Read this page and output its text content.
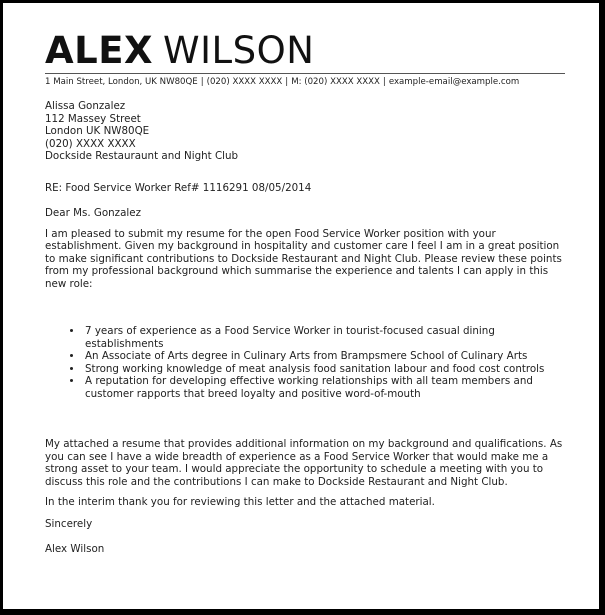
ALEX WILSON
1 Main Street, London, UK NW80QE | (020) XXXX XXXX | M: (020) XXXX XXXX | example-email@example.com
Alissa Gonzalez
112 Massey Street
London UK NW80QE
(020) XXXX XXXX
Dockside Restauraunt and Night Club
RE: Food Service Worker Ref# 1116291 08/05/2014
Dear Ms. Gonzalez
I am pleased to submit my resume for the open Food Service Worker position with your establishment. Given my background in hospitality and customer care I feel I am in a great position to make significant contributions to Dockside Restaurant and Night Club. Please review these points from my professional background which summarise the experience and talents I can apply in this new role:
• 7 years of experience as a Food Service Worker in tourist-focused casual dining establishments
• An Associate of Arts degree in Culinary Arts from Brampsmere School of Culinary Arts
• Strong working knowledge of meat analysis food sanitation labour and food cost controls
• A reputation for developing effective working relationships with all team members and customer rapports that breed loyalty and positive word-of-mouth
My attached a resume that provides additional information on my background and qualifications. As you can see I have a wide breadth of experience as a Food Service Worker that would make me a strong asset to your team. I would appreciate the opportunity to schedule a meeting with you to discuss this role and the contributions I can make to Dockside Restaurant and Night Club.
In the interim thank you for reviewing this letter and the attached material.
Sincerely
Alex Wilson
